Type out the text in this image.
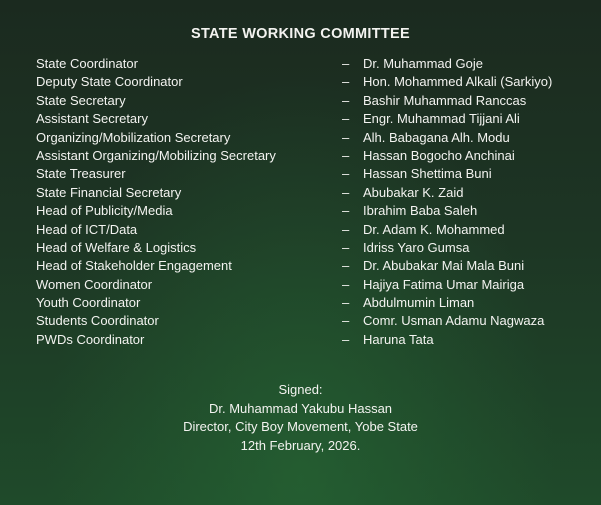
STATE WORKING COMMITTEE
State Coordinator	– Dr. Muhammad Goje
Deputy State Coordinator	– Hon. Mohammed Alkali (Sarkiyo)
State Secretary	– Bashir Muhammad Ranccas
Assistant Secretary	– Engr. Muhammad Tijjani Ali
Organizing/Mobilization Secretary	– Alh. Babagana Alh. Modu
Assistant Organizing/Mobilizing Secretary	– Hassan Bogocho Anchinai
State Treasurer	– Hassan Shettima Buni
State Financial Secretary	– Abubakar K. Zaid
Head of Publicity/Media	– Ibrahim Baba Saleh
Head of ICT/Data	– Dr. Adam K. Mohammed
Head of Welfare & Logistics	– Idriss Yaro Gumsa
Head of Stakeholder Engagement	– Dr. Abubakar Mai Mala Buni
Women Coordinator	– Hajiya Fatima Umar Mairiga
Youth Coordinator	– Abdulmumin Liman
Students Coordinator	– Comr. Usman Adamu Nagwaza
PWDs Coordinator	– Haruna Tata
Signed:
Dr. Muhammad Yakubu Hassan
Director, City Boy Movement, Yobe State
12th February, 2026.
